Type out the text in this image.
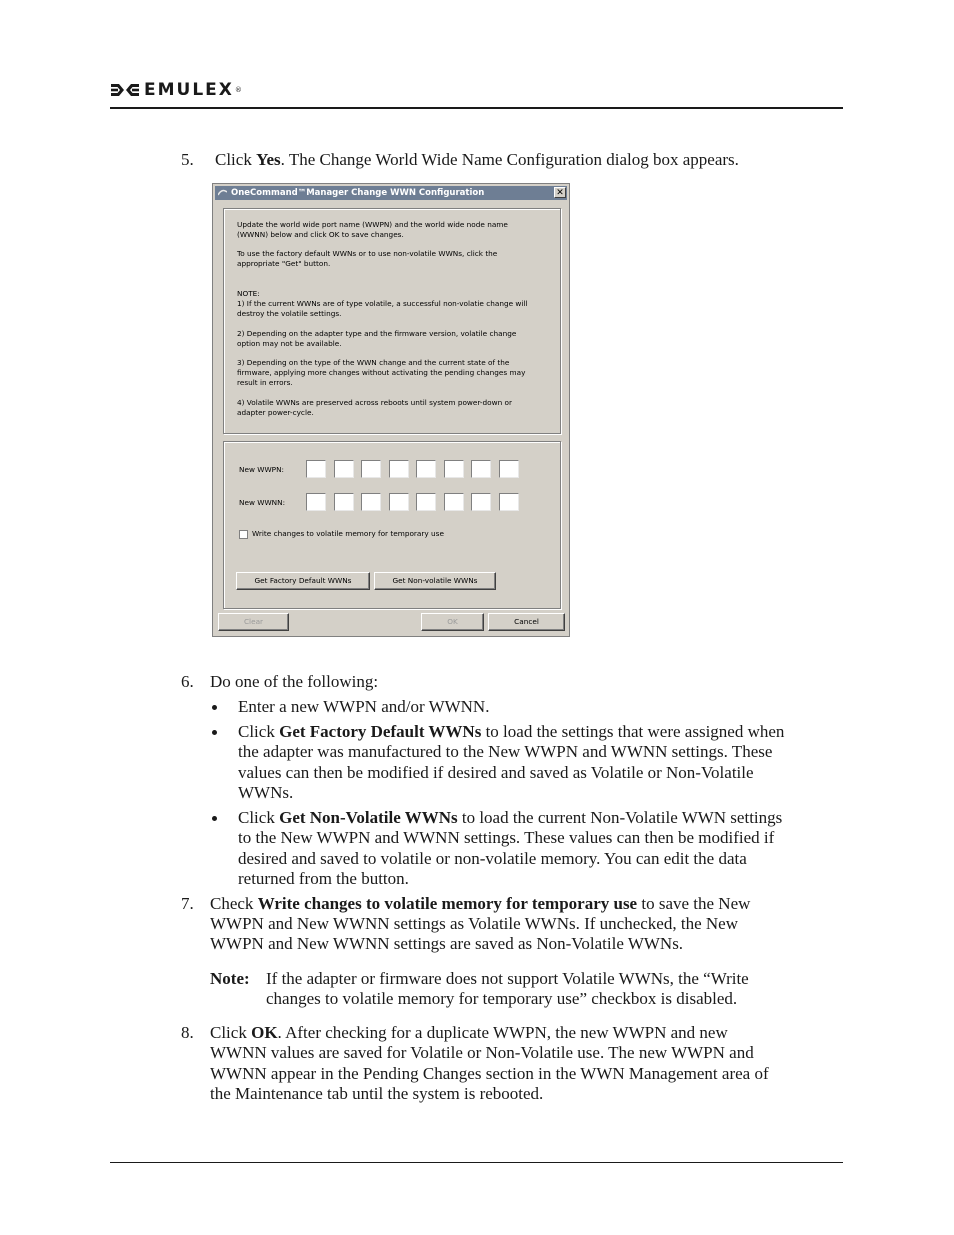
EMULEX ®
5. Click Yes. The Change World Wide Name Configuration dialog box appears.
OneCommand™Manager Change WWN Configuration	✕
Update the world wide port name (WWPN) and the world wide node name
(WWNN) below and click OK to save changes.
To use the factory default WWNs or to use non-volatile WWNs, click the
appropriate "Get" button.
NOTE:
1) If the current WWNs are of type volatile, a successful non-volatie change will
destroy the volatile settings.
2) Depending on the adapter type and the firmware version, volatile change
option may not be available.
3) Depending on the type of the WWN change and the current state of the
firmware, applying more changes without activating the pending changes may
result in errors.
4) Volatile WWNs are preserved across reboots until system power-down or
adapter power-cycle.
New WWPN:
New WWNN:
Write changes to volatile memory for temporary use
Get Factory Default WWNs	Get Non-volatile WWNs
Clear	OK	Cancel
6. Do one of the following:
Enter a new WWPN and/or WWNN.
Click Get Factory Default WWNs to load the settings that were assigned when
the adapter was manufactured to the New WWPN and WWNN settings. These
values can then be modified if desired and saved as Volatile or Non-Volatile
WWNs.
Click Get Non-Volatile WWNs to load the current Non-Volatile WWN settings
to the New WWPN and WWNN settings. These values can then be modified if
desired and saved to volatile or non-volatile memory. You can edit the data
returned from the button.
7. Check Write changes to volatile memory for temporary use to save the New
WWPN and New WWNN settings as Volatile WWNs. If unchecked, the New
WWPN and New WWNN settings are saved as Non-Volatile WWNs.
Note: If the adapter or firmware does not support Volatile WWNs, the “Write
changes to volatile memory for temporary use” checkbox is disabled.
8. Click OK. After checking for a duplicate WWPN, the new WWPN and new
WWNN values are saved for Volatile or Non-Volatile use. The new WWPN and
WWNN appear in the Pending Changes section in the WWN Management area of
the Maintenance tab until the system is rebooted.
